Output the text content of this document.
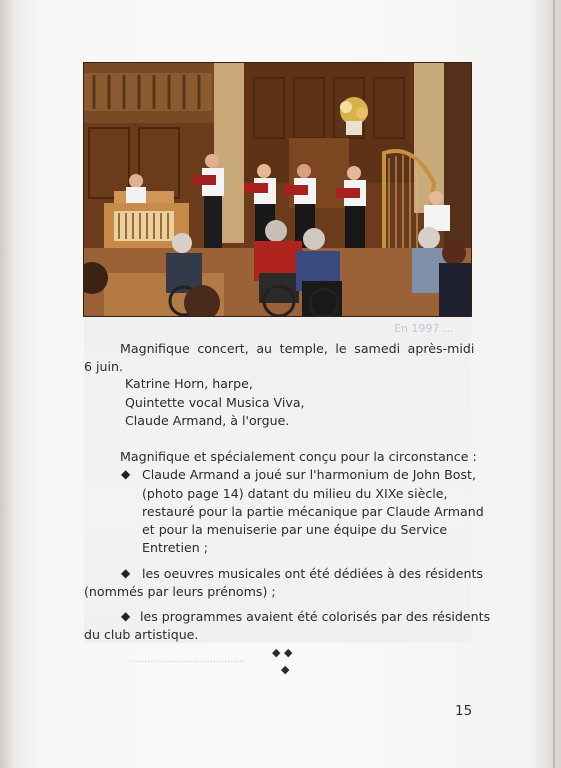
En 1997 ...
........................................
Magnifique concert, au temple, le samedi après-midi
6 juin.
Katrine Horn, harpe,
Quintette vocal Musica Viva,
Claude Armand, à l'orgue.
Magnifique et spécialement conçu pour la circonstance :
◆ Claude Armand a joué sur l'harmonium de John Bost,
(photo page 14) datant du milieu du XIXe siècle,
restauré pour la partie mécanique par Claude Armand
et pour la menuiserie par une équipe du Service
Entretien ;
◆ les oeuvres musicales ont été dédiées à des résidents
(nommés par leurs prénoms) ;
◆ les programmes avaient été colorisés par des résidents
du club artistique.
◆ ◆
◆
15
